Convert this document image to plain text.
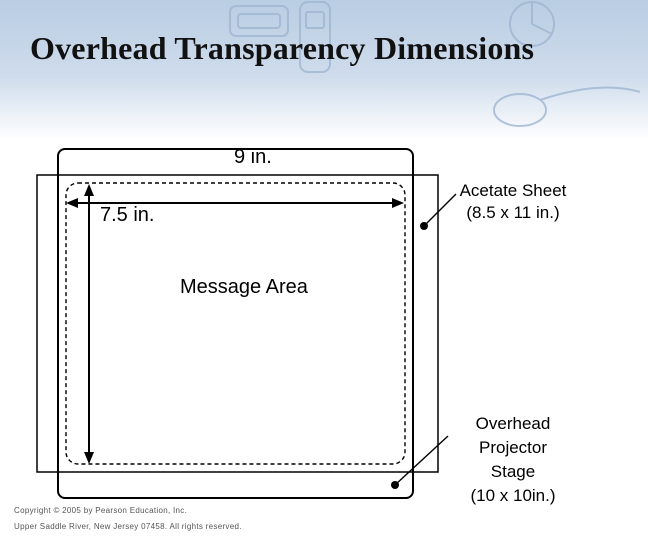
Overhead Transparency Dimensions
9 in.
7.5 in.
Message Area
Acetate Sheet
(8.5 x 11 in.)
Overhead
Projector
Stage
(10 x 10in.)
Copyright © 2005 by Pearson Education, Inc.
Upper Saddle River, New Jersey 07458. All rights reserved.
